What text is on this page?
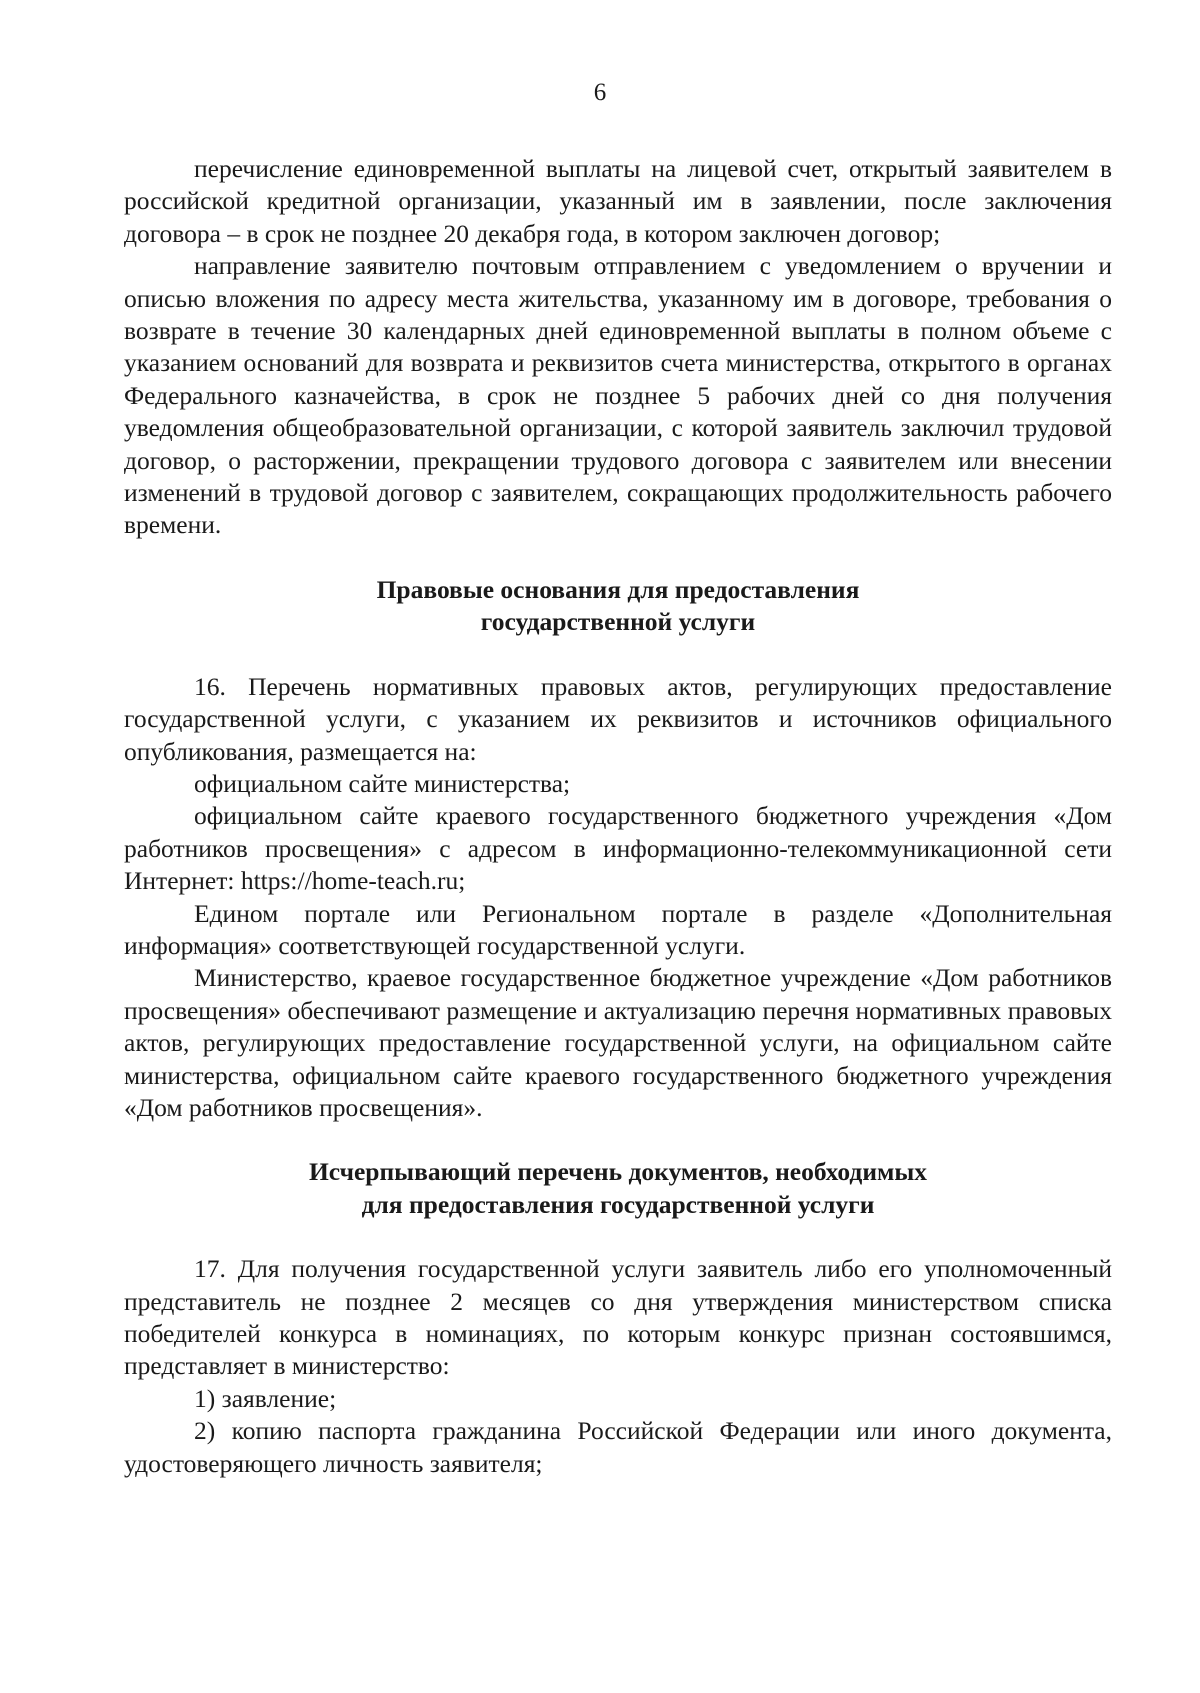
6

перечисление единовременной выплаты на лицевой счет, открытый заявителем в российской кредитной организации, указанный им в заявлении, после заключения договора – в срок не позднее 20 декабря года, в котором заключен договор;

направление заявителю почтовым отправлением с уведомлением о вручении и описью вложения по адресу места жительства, указанному им в договоре, требования о возврате в течение 30 календарных дней единовременной выплаты в полном объеме с указанием оснований для возврата и реквизитов счета министерства, открытого в органах Федерального казначейства, в срок не позднее 5 рабочих дней со дня получения уведомления общеобразовательной организации, с которой заявитель заключил трудовой договор, о расторжении, прекращении трудового договора с заявителем или внесении изменений в трудовой договор с заявителем, сокращающих продолжительность рабочего времени.

Правовые основания для предоставления
государственной услуги

16. Перечень нормативных правовых актов, регулирующих предоставление государственной услуги, с указанием их реквизитов и источников официального опубликования, размещается на:

официальном сайте министерства;

официальном сайте краевого государственного бюджетного учреждения «Дом работников просвещения» с адресом в информационно-телекоммуникационной сети Интернет: https://home-teach.ru;

Едином портале или Региональном портале в разделе «Дополнительная информация» соответствующей государственной услуги.

Министерство, краевое государственное бюджетное учреждение «Дом работников просвещения» обеспечивают размещение и актуализацию перечня нормативных правовых актов, регулирующих предоставление государственной услуги, на официальном сайте министерства, официальном сайте краевого государственного бюджетного учреждения «Дом работников просвещения».

Исчерпывающий перечень документов, необходимых
для предоставления государственной услуги

17. Для получения государственной услуги заявитель либо его уполномоченный представитель не позднее 2 месяцев со дня утверждения министерством списка победителей конкурса в номинациях, по которым конкурс признан состоявшимся, представляет в министерство:

1) заявление;

2) копию паспорта гражданина Российской Федерации или иного документа, удостоверяющего личность заявителя;
